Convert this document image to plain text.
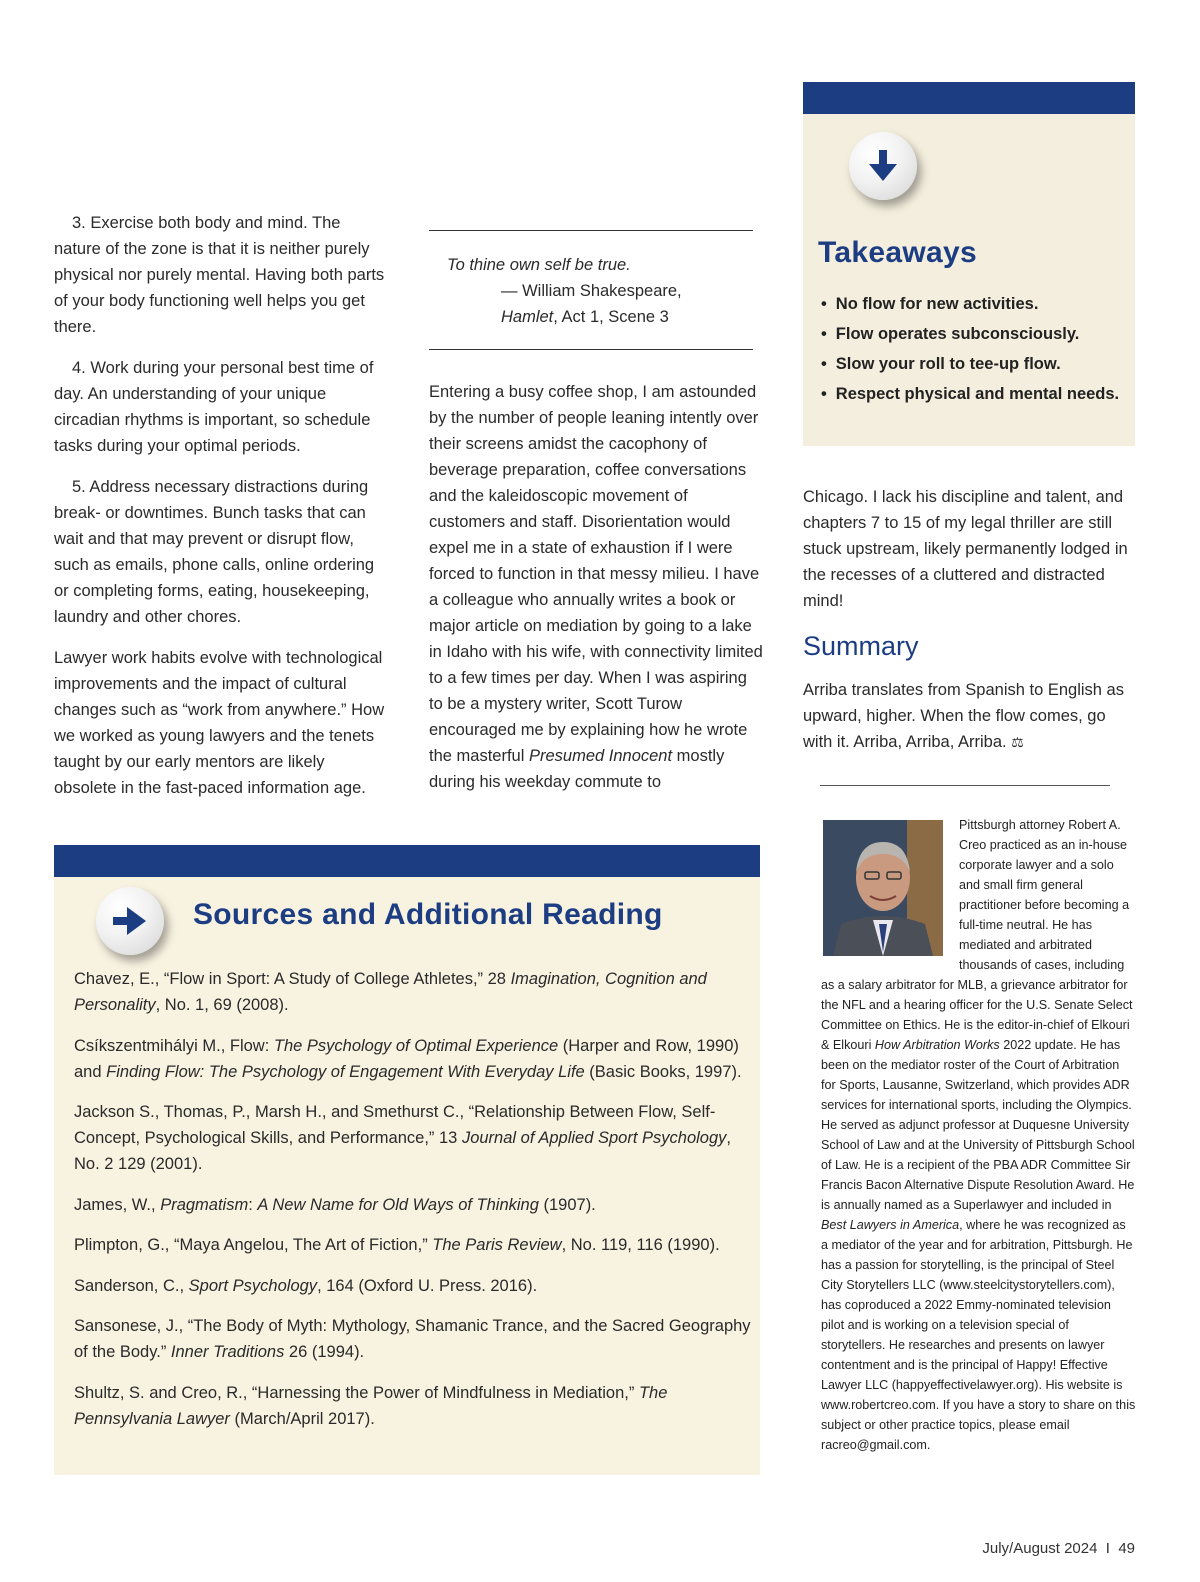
3. Exercise both body and mind. The nature of the zone is that it is neither purely physical nor purely mental. Having both parts of your body functioning well helps you get there.

4. Work during your personal best time of day. An understanding of your unique circadian rhythms is important, so schedule tasks during your optimal periods.

5. Address necessary distractions during break- or downtimes. Bunch tasks that can wait and that may prevent or disrupt flow, such as emails, phone calls, online ordering or completing forms, eating, housekeeping, laundry and other chores.

Lawyer work habits evolve with technological improvements and the impact of cultural changes such as “work from anywhere.” How we worked as young lawyers and the tenets taught by our early mentors are likely obsolete in the fast-paced information age.

To thine own self be true.
— William Shakespeare,
Hamlet, Act 1, Scene 3

Entering a busy coffee shop, I am astounded by the number of people leaning intently over their screens amidst the cacophony of beverage preparation, coffee conversations and the kaleidoscopic movement of customers and staff. Disorientation would expel me in a state of exhaustion if I were forced to function in that messy milieu. I have a colleague who annually writes a book or major article on mediation by going to a lake in Idaho with his wife, with connectivity limited to a few times per day. When I was aspiring to be a mystery writer, Scott Turow encouraged me by explaining how he wrote the masterful Presumed Innocent mostly during his weekday commute to

Takeaways
• No flow for new activities.
• Flow operates subconsciously.
• Slow your roll to tee-up flow.
• Respect physical and mental needs.

Chicago. I lack his discipline and talent, and chapters 7 to 15 of my legal thriller are still stuck upstream, likely permanently lodged in the recesses of a cluttered and distracted mind!

Summary

Arriba translates from Spanish to English as upward, higher. When the flow comes, go with it. Arriba, Arriba, Arriba. ⚖

Pittsburgh attorney Robert A. Creo practiced as an in-house corporate lawyer and a solo and small firm general practitioner before becoming a full-time neutral. He has mediated and arbitrated thousands of cases, including as a salary arbitrator for MLB, a grievance arbitrator for the NFL and a hearing officer for the U.S. Senate Select Committee on Ethics. He is the editor-in-chief of Elkouri & Elkouri How Arbitration Works 2022 update. He has been on the mediator roster of the Court of Arbitration for Sports, Lausanne, Switzerland, which provides ADR services for international sports, including the Olympics. He served as adjunct professor at Duquesne University School of Law and at the University of Pittsburgh School of Law. He is a recipient of the PBA ADR Committee Sir Francis Bacon Alternative Dispute Resolution Award. He is annually named as a Superlawyer and included in Best Lawyers in America, where he was recognized as a mediator of the year and for arbitration, Pittsburgh. He has a passion for storytelling, is the principal of Steel City Storytellers LLC (www.steelcitystorytellers.com), has coproduced a 2022 Emmy-nominated television pilot and is working on a television special of storytellers. He researches and presents on lawyer contentment and is the principal of Happy! Effective Lawyer LLC (happyeffectivelawyer.org). His website is www.robertcreo.com. If you have a story to share on this subject or other practice topics, please email racreo@gmail.com.

Sources and Additional Reading

Chavez, E., “Flow in Sport: A Study of College Athletes,” 28 Imagination, Cognition and Personality, No. 1, 69 (2008).

Csíkszentmihályi M., Flow: The Psychology of Optimal Experience (Harper and Row, 1990) and Finding Flow: The Psychology of Engagement With Everyday Life (Basic Books, 1997).

Jackson S., Thomas, P., Marsh H., and Smethurst C., “Relationship Between Flow, Self-Concept, Psychological Skills, and Performance,” 13 Journal of Applied Sport Psychology, No. 2 129 (2001).

James, W., Pragmatism: A New Name for Old Ways of Thinking (1907).

Plimpton, G., “Maya Angelou, The Art of Fiction,” The Paris Review, No. 119, 116 (1990).

Sanderson, C., Sport Psychology, 164 (Oxford U. Press. 2016).

Sansonese, J., “The Body of Myth: Mythology, Shamanic Trance, and the Sacred Geography of the Body.” Inner Traditions 26 (1994).

Shultz, S. and Creo, R., “Harnessing the Power of Mindfulness in Mediation,” The Pennsylvania Lawyer (March/April 2017).

July/August 2024 I 49
